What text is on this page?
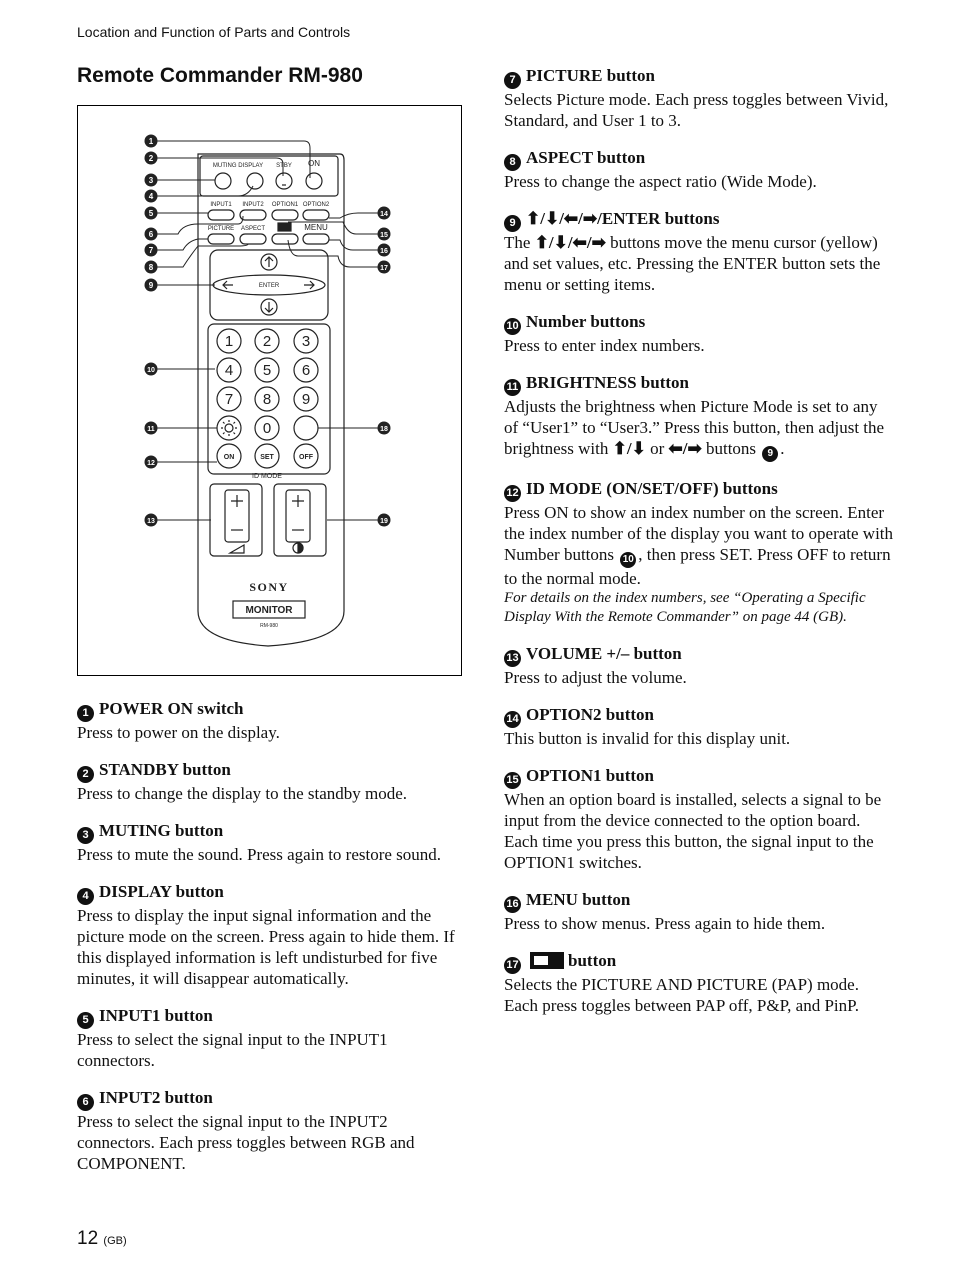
Location and Function of Parts and Controls
Remote Commander RM-980
1
2
3
4
5
6
7
8
9
10
11
12
13
14
15
16
17
18
19
MUTING DISPLAY STBY ON
INPUT1 INPUT2 OPTION1 OPTION2
PICTURE ASPECT	MENU
ENTER
1 2 3
4 5 6
7 8 9
0
ON	SET	OFF
ID MODE
SONY
MONITOR
RM-980
1 POWER ON switch

Press to power on the display.

2 STANDBY button

Press to change the display to the standby mode.

3 MUTING button

Press to mute the sound. Press again to restore sound.

4 DISPLAY button

Press to display the input signal information and the picture mode on the screen. Press again to hide them. If this displayed information is left undisturbed for five minutes, it will disappear automatically.

5 INPUT1 button

Press to select the signal input to the INPUT1 connectors.

6 INPUT2 button

Press to select the signal input to the INPUT2 connectors. Each press toggles between RGB and COMPONENT.

7 PICTURE button

Selects Picture mode. Each press toggles between Vivid, Standard, and User 1 to 3.

8 ASPECT button

Press to change the aspect ratio (Wide Mode).

9 ⬆/⬇/⬅/➡/ENTER buttons

The ⬆/⬇/⬅/➡ buttons move the menu cursor (yellow) and set values, etc. Pressing the ENTER button sets the menu or setting items.

10 Number buttons

Press to enter index numbers.

11 BRIGHTNESS button

Adjusts the brightness when Picture Mode is set to any of “User1” to “User3.” Press this button, then adjust the brightness with ⬆/⬇ or ⬅/➡ buttons 9 .

12 ID MODE (ON/SET/OFF) buttons

Press ON to show an index number on the screen. Enter the index number of the display you want to operate with Number buttons 10 , then press SET. Press OFF to return to the normal mode.

For details on the index numbers, see “Operating a Specific Display With the Remote Commander” on page 44 (GB).

13 VOLUME +/– button

Press to adjust the volume.

14 OPTION2 button

This button is invalid for this display unit.

15 OPTION1 button

When an option board is installed, selects a signal to be input from the device connected to the option board. Each time you press this button, the signal input to the OPTION1 switches.

16 MENU button

Press to show menus. Press again to hide them.

17	button

Selects the PICTURE AND PICTURE (PAP) mode. Each press toggles between PAP off, P&P, and PinP.

12 (GB)
